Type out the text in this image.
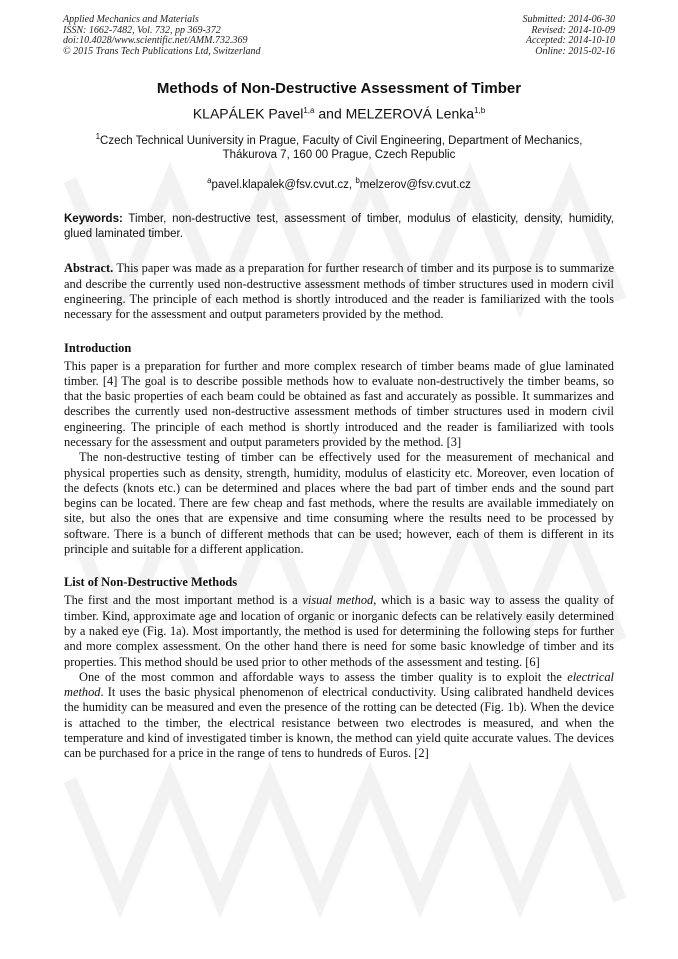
Applied Mechanics and Materials
ISSN: 1662-7482, Vol. 732, pp 369-372
doi:10.4028/www.scientific.net/AMM.732.369
© 2015 Trans Tech Publications Ltd, Switzerland
Submitted: 2014-06-30
Revised: 2014-10-09
Accepted: 2014-10-10
Online: 2015-02-16
Methods of Non-Destructive Assessment of Timber
KLAPÁLEK Pavel$^{1,a}$ and MELZEROVÁ Lenka$^{1,b}$
$^1$Czech Technical Uuniversity in Prague, Faculty of Civil Engineering, Department of Mechanics,
Thákurova 7, 160 00 Prague, Czech Republic
$^a$pavel.klapalek@fsv.cvut.cz, $^b$melzerov@fsv.cvut.cz
Keywords: Timber, non-destructive test, assessment of timber, modulus of elasticity, density, humidity, glued laminated timber.

Abstract. This paper was made as a preparation for further research of timber and its purpose is to summarize and describe the currently used non-destructive assessment methods of timber structures used in modern civil engineering. The principle of each method is shortly introduced and the reader is familiarized with the tools necessary for the assessment and output parameters provided by the method.

Introduction

This paper is a preparation for further and more complex research of timber beams made of glue laminated timber. [4] The goal is to describe possible methods how to evaluate non-destructively the timber beams, so that the basic properties of each beam could be obtained as fast and accurately as possible. It summarizes and describes the currently used non-destructive assessment methods of timber structures used in modern civil engineering. The principle of each method is shortly introduced and the reader is familiarized with tools necessary for the assessment and output parameters provided by the method. [3]

The non-destructive testing of timber can be effectively used for the measurement of mechanical and physical properties such as density, strength, humidity, modulus of elasticity etc. Moreover, even location of the defects (knots etc.) can be determined and places where the bad part of timber ends and the sound part begins can be located. There are few cheap and fast methods, where the results are available immediately on site, but also the ones that are expensive and time consuming where the results need to be processed by software. There is a bunch of different methods that can be used; however, each of them is different in its principle and suitable for a different application.

List of Non-Destructive Methods

The first and the most important method is a visual method, which is a basic way to assess the quality of timber. Kind, approximate age and location of organic or inorganic defects can be relatively easily determined by a naked eye (Fig. 1a). Most importantly, the method is used for determining the following steps for further and more complex assessment. On the other hand there is need for some basic knowledge of timber and its properties. This method should be used prior to other methods of the assessment and testing. [6]

One of the most common and affordable ways to assess the timber quality is to exploit the electrical method. It uses the basic physical phenomenon of electrical conductivity. Using calibrated handheld devices the humidity can be measured and even the presence of the rotting can be detected (Fig. 1b). When the device is attached to the timber, the electrical resistance between two electrodes is measured, and when the temperature and kind of investigated timber is known, the method can yield quite accurate values. The devices can be purchased for a price in the range of tens to hundreds of Euros. [2]
